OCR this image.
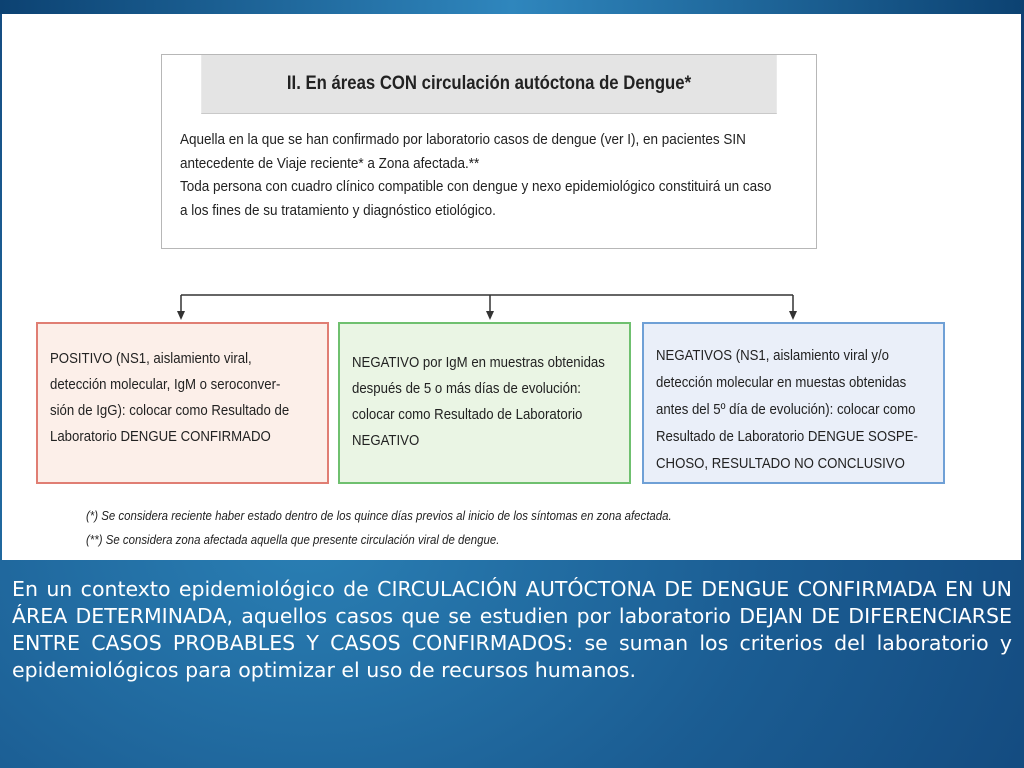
II. En áreas CON circulación autóctona de Dengue*
Aquella en la que se han confirmado por laboratorio casos de dengue (ver I), en pacientes SIN
antecedente de Viaje reciente* a Zona afectada.**
Toda persona con cuadro clínico compatible con dengue y nexo epidemiológico constituirá un caso
a los fines de su tratamiento y diagnóstico etiológico.
POSITIVO (NS1, aislamiento viral,
detección molecular, IgM o seroconver-
sión de IgG): colocar como Resultado de
Laboratorio DENGUE CONFIRMADO
NEGATIVO por IgM en muestras obtenidas
después de 5 o más días de evolución:
colocar como Resultado de Laboratorio
NEGATIVO
NEGATIVOS (NS1, aislamiento viral y/o
detección molecular en muestas obtenidas
antes del 5º día de evolución): colocar como
Resultado de Laboratorio DENGUE SOSPE-
CHOSO, RESULTADO NO CONCLUSIVO
(*) Se considera reciente haber estado dentro de los quince días previos al inicio de los síntomas en zona afectada.
(**) Se considera zona afectada aquella que presente circulación viral de dengue.
En un contexto epidemiológico de CIRCULACIÓN AUTÓCTONA DE DENGUE CONFIRMADA EN UN ÁREA DETERMINADA, aquellos casos que se estudien por laboratorio DEJAN DE DIFERENCIARSE ENTRE CASOS PROBABLES Y CASOS CONFIRMADOS: se suman los criterios del laboratorio y epidemiológicos para optimizar el uso de recursos humanos.
